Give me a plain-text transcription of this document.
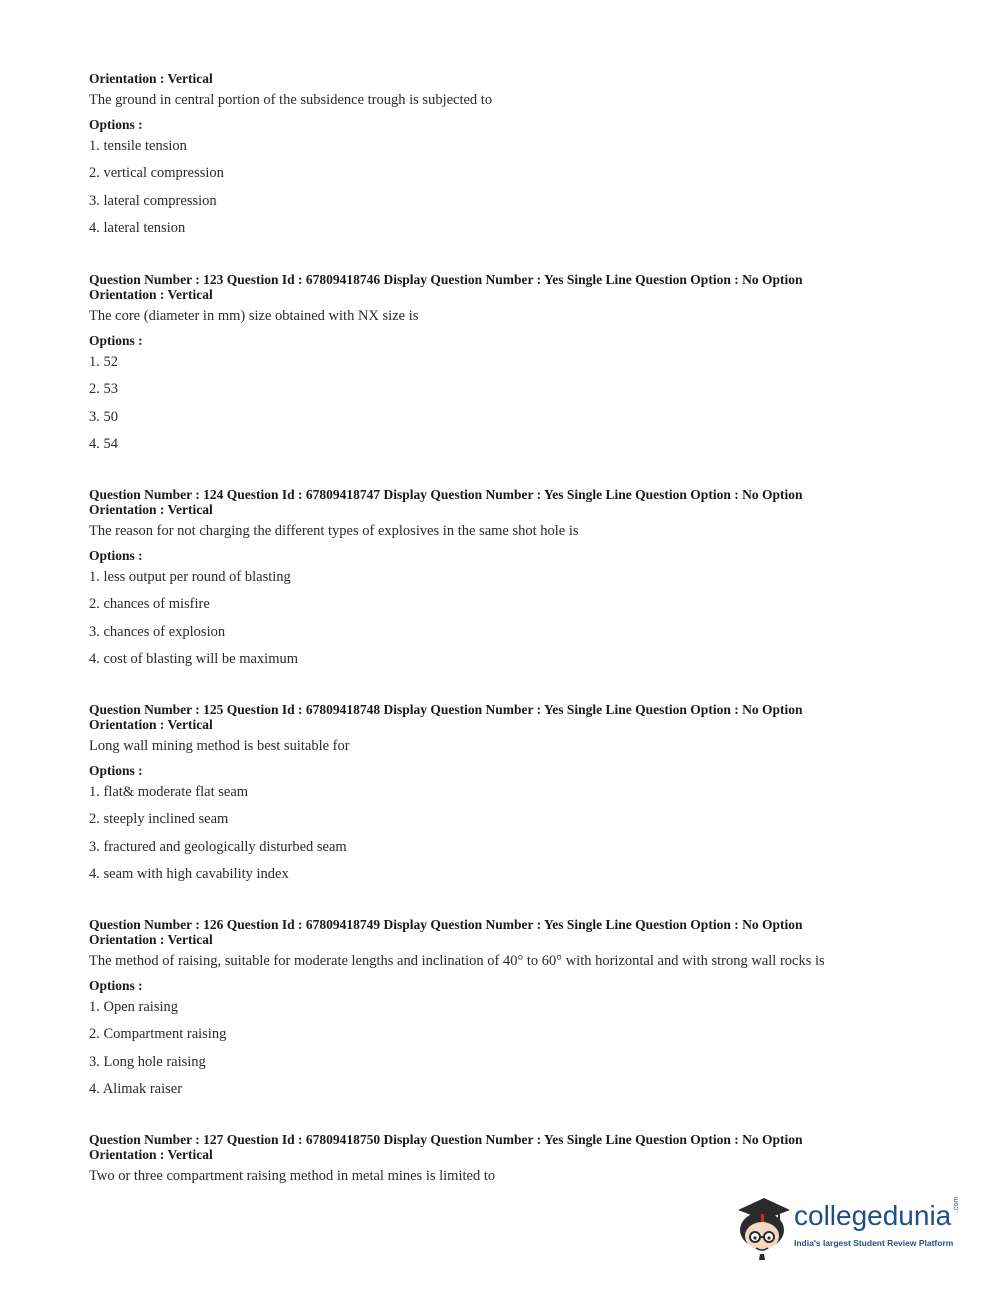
Orientation : Vertical

The ground in central portion of the subsidence trough is subjected to

Options :

1. tensile tension

2. vertical compression

3. lateral compression

4. lateral tension

Question Number : 123 Question Id : 67809418746 Display Question Number : Yes Single Line Question Option : No Option

Orientation : Vertical

The core (diameter in mm) size obtained with NX size is

Options :

1. 52

2. 53

3. 50

4. 54

Question Number : 124 Question Id : 67809418747 Display Question Number : Yes Single Line Question Option : No Option

Orientation : Vertical

The reason for not charging the different types of explosives in the same shot hole is

Options :

1. less output per round of blasting

2. chances of misfire

3. chances of explosion

4. cost of blasting will be maximum

Question Number : 125 Question Id : 67809418748 Display Question Number : Yes Single Line Question Option : No Option

Orientation : Vertical

Long wall mining method is best suitable for

Options :

1. flat& moderate flat seam

2. steeply inclined seam

3. fractured and geologically disturbed seam

4. seam with high cavability index

Question Number : 126 Question Id : 67809418749 Display Question Number : Yes Single Line Question Option : No Option

Orientation : Vertical

The method of raising, suitable for moderate lengths and inclination of 40° to 60° with horizontal and with strong wall rocks is

Options :

1. Open raising

2. Compartment raising

3. Long hole raising

4. Alimak raiser

Question Number : 127 Question Id : 67809418750 Display Question Number : Yes Single Line Question Option : No Option

Orientation : Vertical

Two or three compartment raising method in metal mines is limited to

collegedunia .com
India's largest Student Review Platform
